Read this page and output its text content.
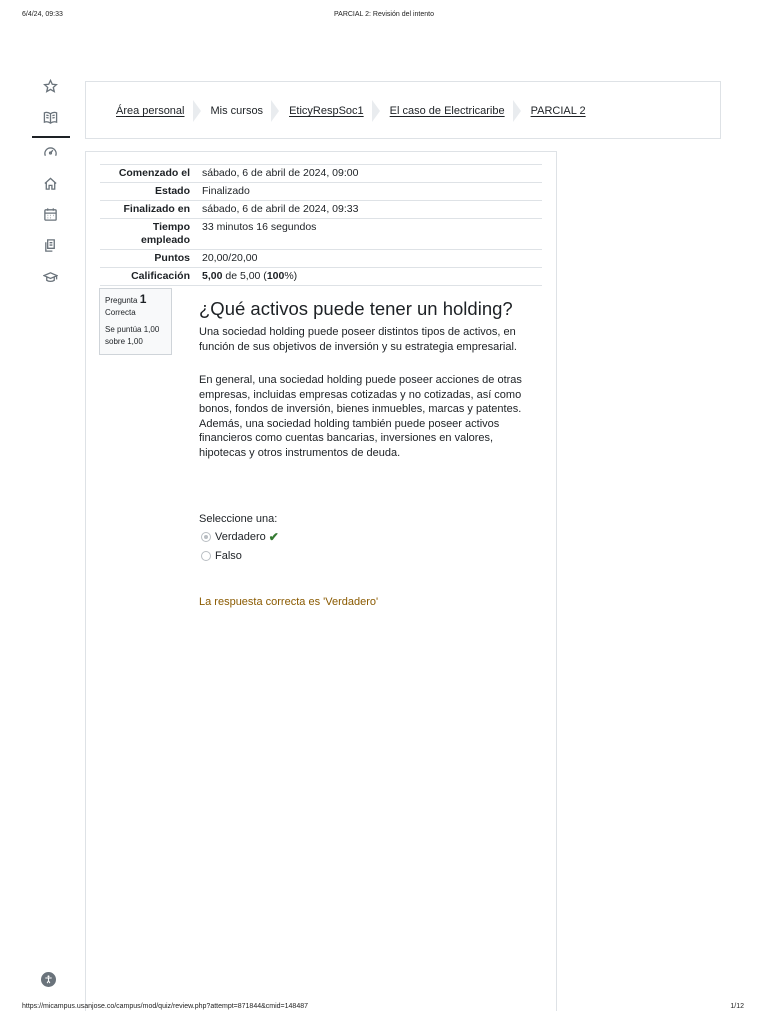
6/4/24, 09:33	PARCIAL 2: Revisión del intento
Área personal Mis cursos EticyRespSoc1 El caso de Electricaribe PARCIAL 2
Comenzado el	sábado, 6 de abril de 2024, 09:00
Estado	Finalizado
Finalizado en	sábado, 6 de abril de 2024, 09:33
Tiempo empleado	33 minutos 16 segundos
Puntos	20,00/20,00
Calificación	5,00 de 5,00 (100%)
Pregunta 1
Correcta
Se puntúa 1,00
sobre 1,00
¿Qué activos puede tener un holding?

Una sociedad holding puede poseer distintos tipos de activos, en función de sus objetivos de inversión y su estrategia empresarial.

En general, una sociedad holding puede poseer acciones de otras empresas, incluidas empresas cotizadas y no cotizadas, así como bonos, fondos de inversión, bienes inmuebles, marcas y patentes. Además, una sociedad holding también puede poseer activos financieros como cuentas bancarias, inversiones en valores, hipotecas y otros instrumentos de deuda.

Seleccione una:
Verdadero ✔
Falso
La respuesta correcta es 'Verdadero'
https://micampus.usanjose.co/campus/mod/quiz/review.php?attempt=871844&cmid=148487	1/12
